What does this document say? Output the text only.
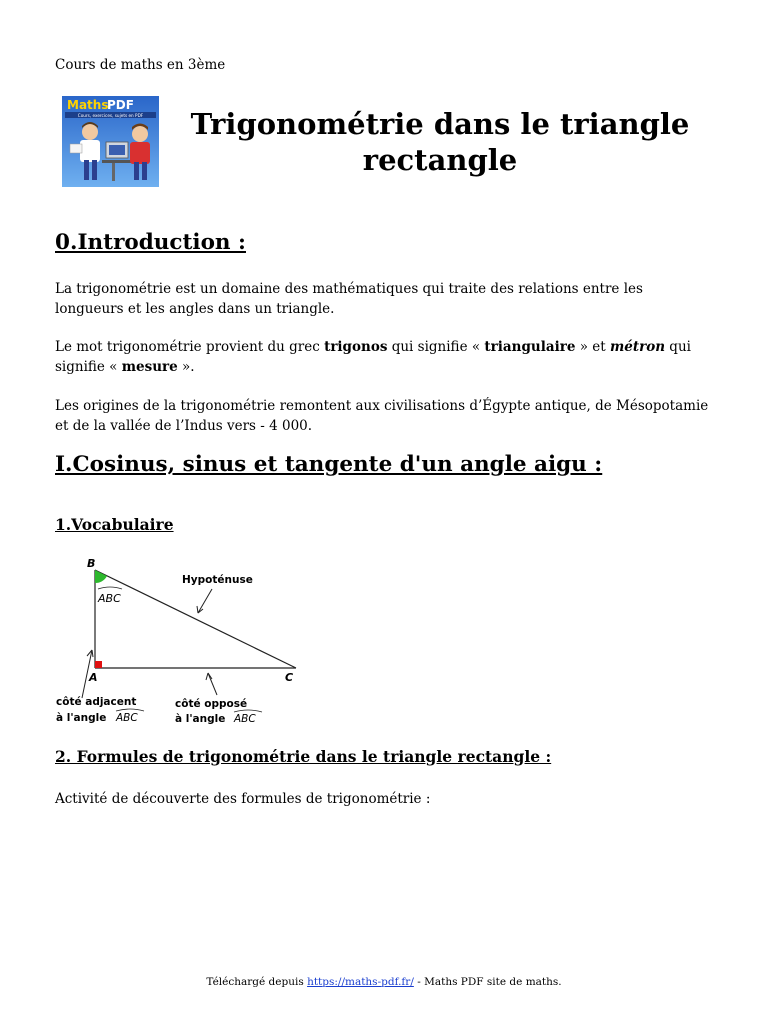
Cours de maths en 3ème
Maths
PDF
Cours, exercices, sujets en PDF	Trigonométrie dans le triangle rectangle
0.Introduction :
La trigonométrie est un domaine des mathématiques qui traite des relations entre les longueurs et les angles dans un triangle.
Le mot trigonométrie provient du grec trigonos qui signifie « triangulaire » et métron qui signifie « mesure ».
Les origines de la trigonométrie remontent aux civilisations d’Égypte antique, de Mésopotamie et de la vallée de l’Indus vers - 4 000.
I.Cosinus, sinus et tangente d'un angle aigu :
1.Vocabulaire
B
A	C
ABC
Hypoténuse
côté adjacent
à l'angle ABC
côté opposé
à l'angle ABC
2. Formules de trigonométrie dans le triangle rectangle :
Activité de découverte des formules de trigonométrie :
Téléchargé depuis https://maths-pdf.fr/ - Maths PDF site de maths.
